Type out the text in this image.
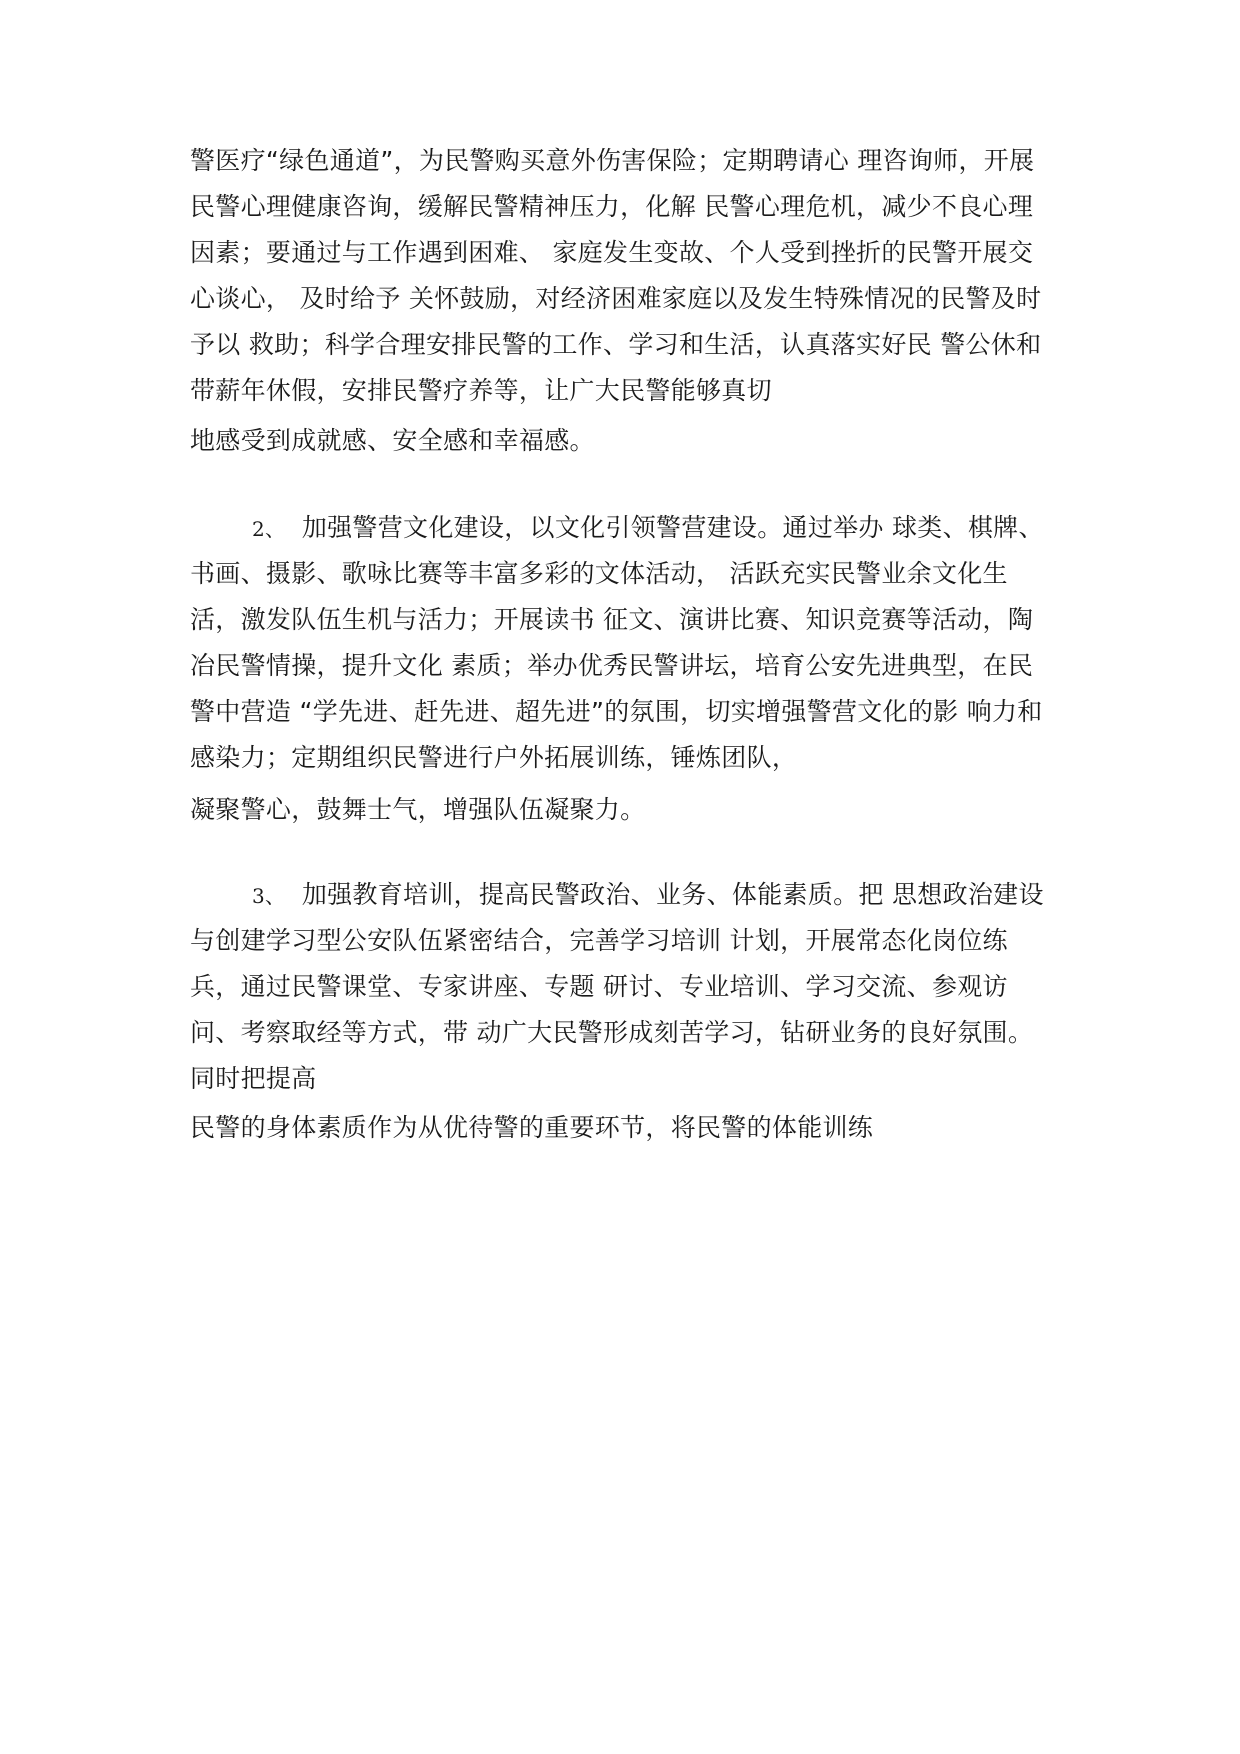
警医疗“绿色通道”，为民警购买意外伤害保险；定期聘请心 理咨询师，开展
民警心理健康咨询，缓解民警精神压力，化解 民警心理危机，减少不良心理
因素；要通过与工作遇到困难、 家庭发生变故、个人受到挫折的民警开展交
心谈心， 及时给予 关怀鼓励，对经济困难家庭以及发生特殊情况的民警及时
予以 救助；科学合理安排民警的工作、学习和生活，认真落实好民 警公休和
带薪年休假，安排民警疗养等，让广大民警能够真切
地感受到成就感、安全感和幸福感。
2、 加强警营文化建设，以文化引领警营建设。通过举办 球类、棋牌、
书画、摄影、歌咏比赛等丰富多彩的文体活动， 活跃充实民警业余文化生
活，激发队伍生机与活力；开展读书 征文、演讲比赛、知识竞赛等活动，陶
冶民警情操，提升文化 素质；举办优秀民警讲坛，培育公安先进典型，在民
警中营造 “学先进、赶先进、超先进”的氛围，切实增强警营文化的影 响力和
感染力；定期组织民警进行户外拓展训练，锤炼团队，
凝聚警心，鼓舞士气，增强队伍凝聚力。
3、 加强教育培训，提高民警政治、业务、体能素质。把 思想政治建设
与创建学习型公安队伍紧密结合，完善学习培训 计划，开展常态化岗位练
兵，通过民警课堂、专家讲座、专题 研讨、专业培训、学习交流、参观访
问、考察取经等方式，带 动广大民警形成刻苦学习，钻研业务的良好氛围。
同时把提高
民警的身体素质作为从优待警的重要环节，将民警的体能训练
